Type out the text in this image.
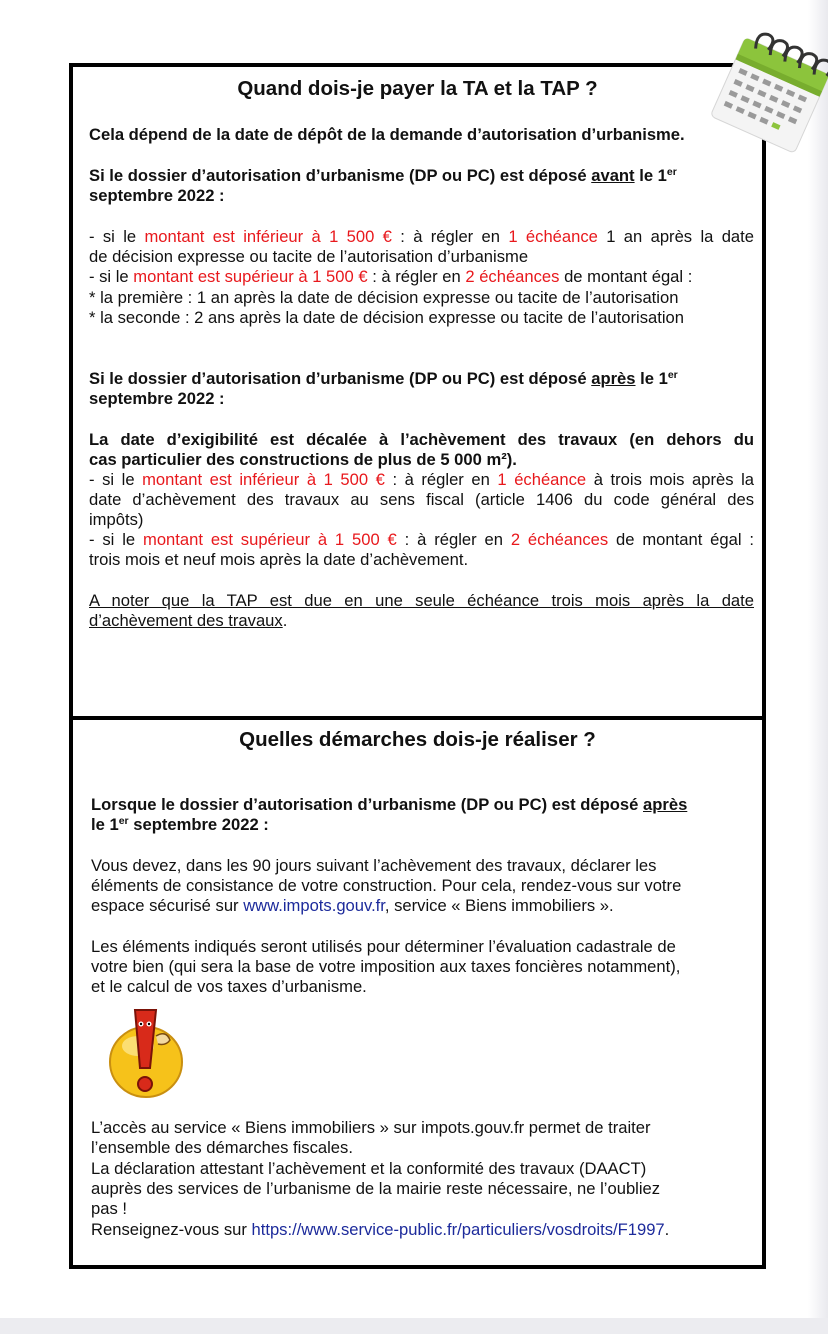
Quand dois-je payer la TA et la TAP ?

Cela dépend de la date de dépôt de la demande d’autorisation d’urbanisme.

Si le dossier d’autorisation d’urbanisme (DP ou PC) est déposé avant le 1er

septembre 2022 :

- si le montant est inférieur à 1 500 € : à régler en 1 échéance 1 an après la date

de décision expresse ou tacite de l’autorisation d’urbanisme

- si le montant est supérieur à 1 500 € : à régler en 2 échéances de montant égal :

* la première : 1 an après la date de décision expresse ou tacite de l’autorisation

* la seconde : 2 ans après la date de décision expresse ou tacite de l’autorisation

Si le dossier d’autorisation d’urbanisme (DP ou PC) est déposé après le 1er

septembre 2022 :

La date d’exigibilité est décalée à l’achèvement des travaux (en dehors du

cas particulier des constructions de plus de 5 000 m²).

- si le montant est inférieur à 1 500 € : à régler en 1 échéance à trois mois après la

date d’achèvement des travaux au sens fiscal (article 1406 du code général des

impôts)

- si le montant est supérieur à 1 500 € : à régler en 2 échéances de montant égal :

trois mois et neuf mois après la date d’achèvement.

A noter que la TAP est due en une seule échéance trois mois après la date

d’achèvement des travaux.

Quelles démarches dois-je réaliser ?

Lorsque le dossier d’autorisation d’urbanisme (DP ou PC) est déposé après

le 1er septembre 2022 :

Vous devez, dans les 90 jours suivant l’achèvement des travaux, déclarer les

éléments de consistance de votre construction. Pour cela, rendez-vous sur votre

espace sécurisé sur www.impots.gouv.fr, service « Biens immobiliers ».

Les éléments indiqués seront utilisés pour déterminer l’évaluation cadastrale de

votre bien (qui sera la base de votre imposition aux taxes foncières notamment),

et le calcul de vos taxes d’urbanisme.

L’accès au service « Biens immobiliers » sur impots.gouv.fr permet de traiter

l’ensemble des démarches fiscales.

La déclaration attestant l’achèvement et la conformité des travaux (DAACT)

auprès des services de l’urbanisme de la mairie reste nécessaire, ne l’oubliez

pas !

Renseignez-vous sur https://www.service-public.fr/particuliers/vosdroits/F1997.
